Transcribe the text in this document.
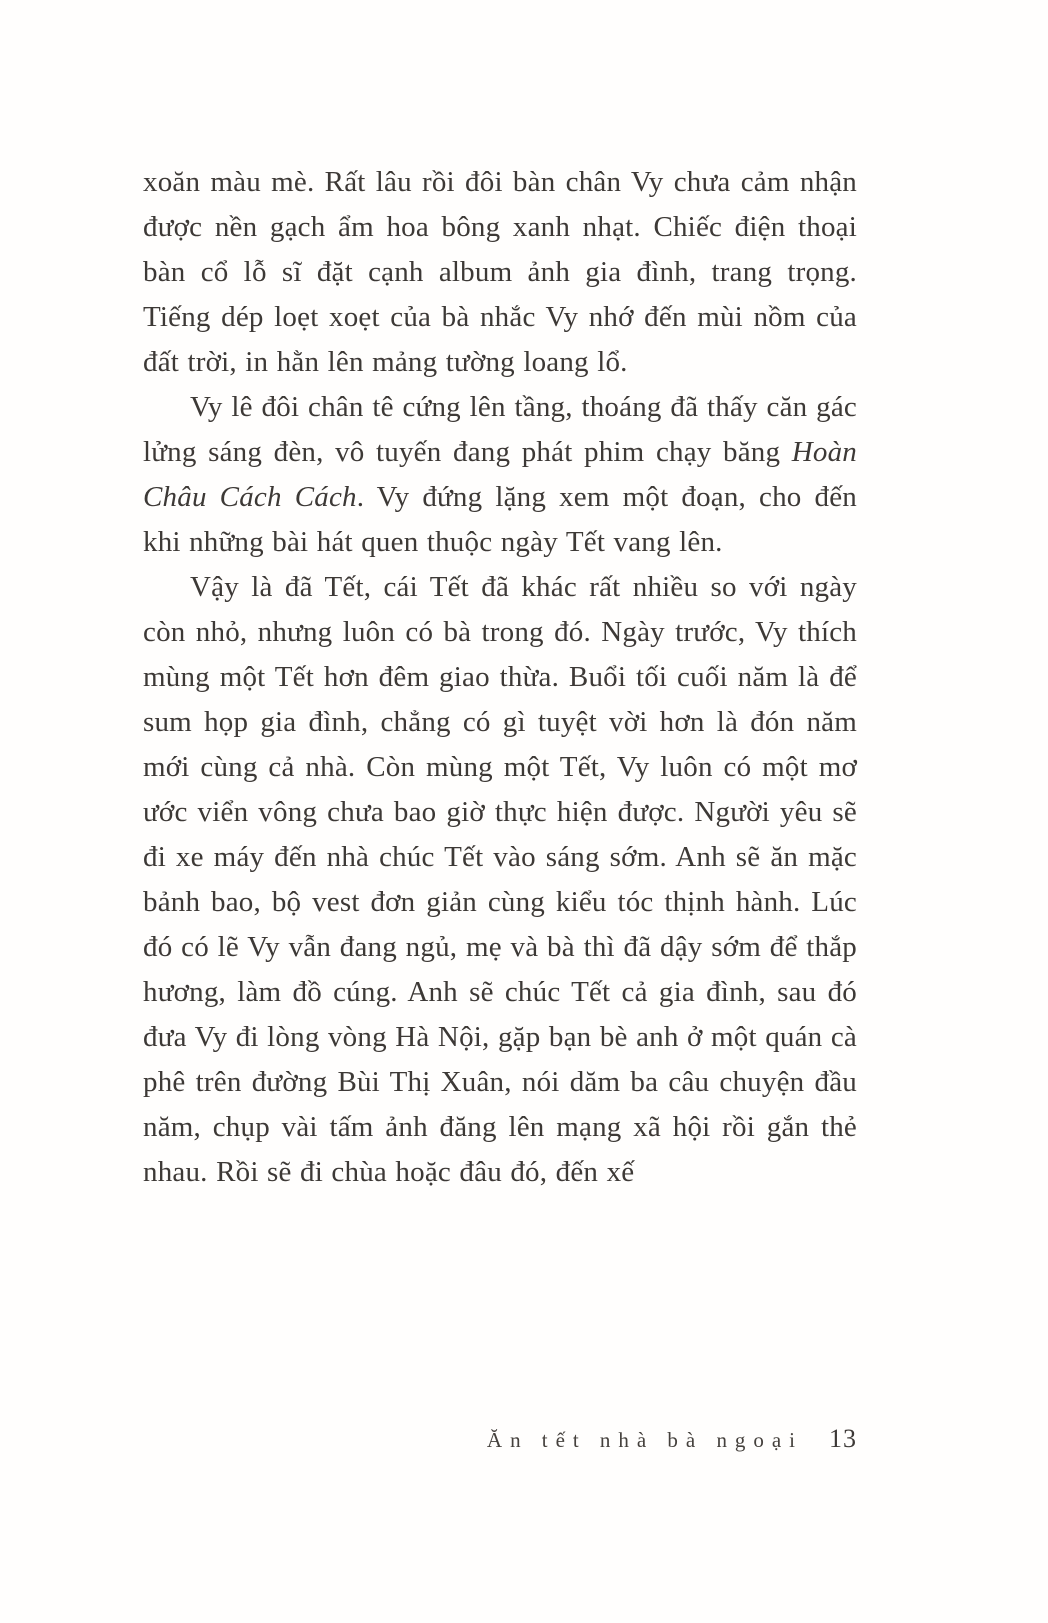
xoăn màu mè. Rất lâu rồi đôi bàn chân Vy chưa cảm nhận được nền gạch ẩm hoa bông xanh nhạt. Chiếc điện thoại bàn cổ lỗ sĩ đặt cạnh album ảnh gia đình, trang trọng. Tiếng dép loẹt xoẹt của bà nhắc Vy nhớ đến mùi nồm của đất trời, in hằn lên mảng tường loang lổ.

Vy lê đôi chân tê cứng lên tầng, thoáng đã thấy căn gác lửng sáng đèn, vô tuyến đang phát phim chạy băng Hoàn Châu Cách Cách. Vy đứng lặng xem một đoạn, cho đến khi những bài hát quen thuộc ngày Tết vang lên.

Vậy là đã Tết, cái Tết đã khác rất nhiều so với ngày còn nhỏ, nhưng luôn có bà trong đó. Ngày trước, Vy thích mùng một Tết hơn đêm giao thừa. Buổi tối cuối năm là để sum họp gia đình, chẳng có gì tuyệt vời hơn là đón năm mới cùng cả nhà. Còn mùng một Tết, Vy luôn có một mơ ước viển vông chưa bao giờ thực hiện được. Người yêu sẽ đi xe máy đến nhà chúc Tết vào sáng sớm. Anh sẽ ăn mặc bảnh bao, bộ vest đơn giản cùng kiểu tóc thịnh hành. Lúc đó có lẽ Vy vẫn đang ngủ, mẹ và bà thì đã dậy sớm để thắp hương, làm đồ cúng. Anh sẽ chúc Tết cả gia đình, sau đó đưa Vy đi lòng vòng Hà Nội, gặp bạn bè anh ở một quán cà phê trên đường Bùi Thị Xuân, nói dăm ba câu chuyện đầu năm, chụp vài tấm ảnh đăng lên mạng xã hội rồi gắn thẻ nhau. Rồi sẽ đi chùa hoặc đâu đó, đến xế

Ăn tết nhà bà ngoại 13
